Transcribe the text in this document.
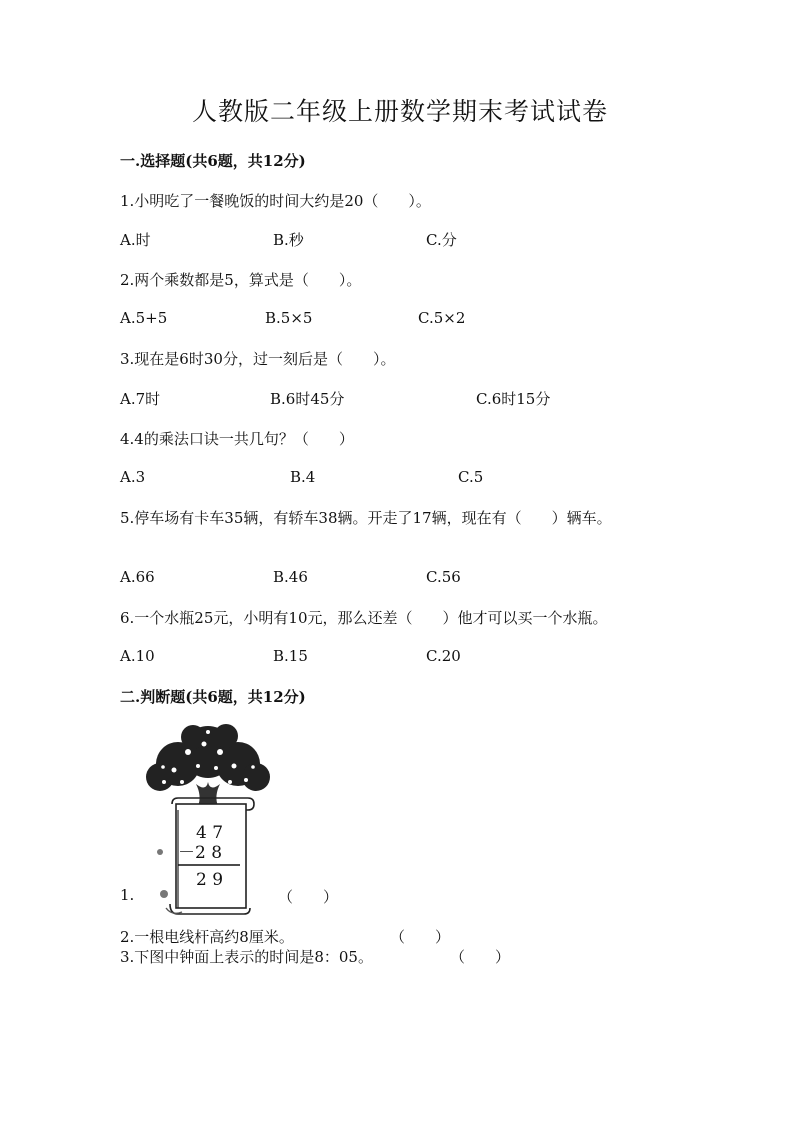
人教版二年级上册数学期末考试试卷
一.选择题(共6题，共12分)
1.小明吃了一餐晚饭的时间大约是20（　　）。
A.时	B.秒	C.分
2.两个乘数都是5，算式是（　　）。
A.5+5	B.5×5	C.5×2
3.现在是6时30分，过一刻后是（　　）。
A.7时	B.6时45分	C.6时15分
4.4的乘法口诀一共几句？（　　）
A.3	B.4	C.5
5.停车场有卡车35辆，有轿车38辆。开走了17辆，现在有（　　）辆车。
A.66	B.46	C.56
6.一个水瓶25元，小明有10元，那么还差（　　）他才可以买一个水瓶。
A.10	B.15	C.20
二.判断题(共6题，共12分)
4 7
－2 8
2 9
1.	（　　）
2.一根电线杆高约8厘米。	（　　）
3.下图中钟面上表示的时间是8：05。	（　　）
